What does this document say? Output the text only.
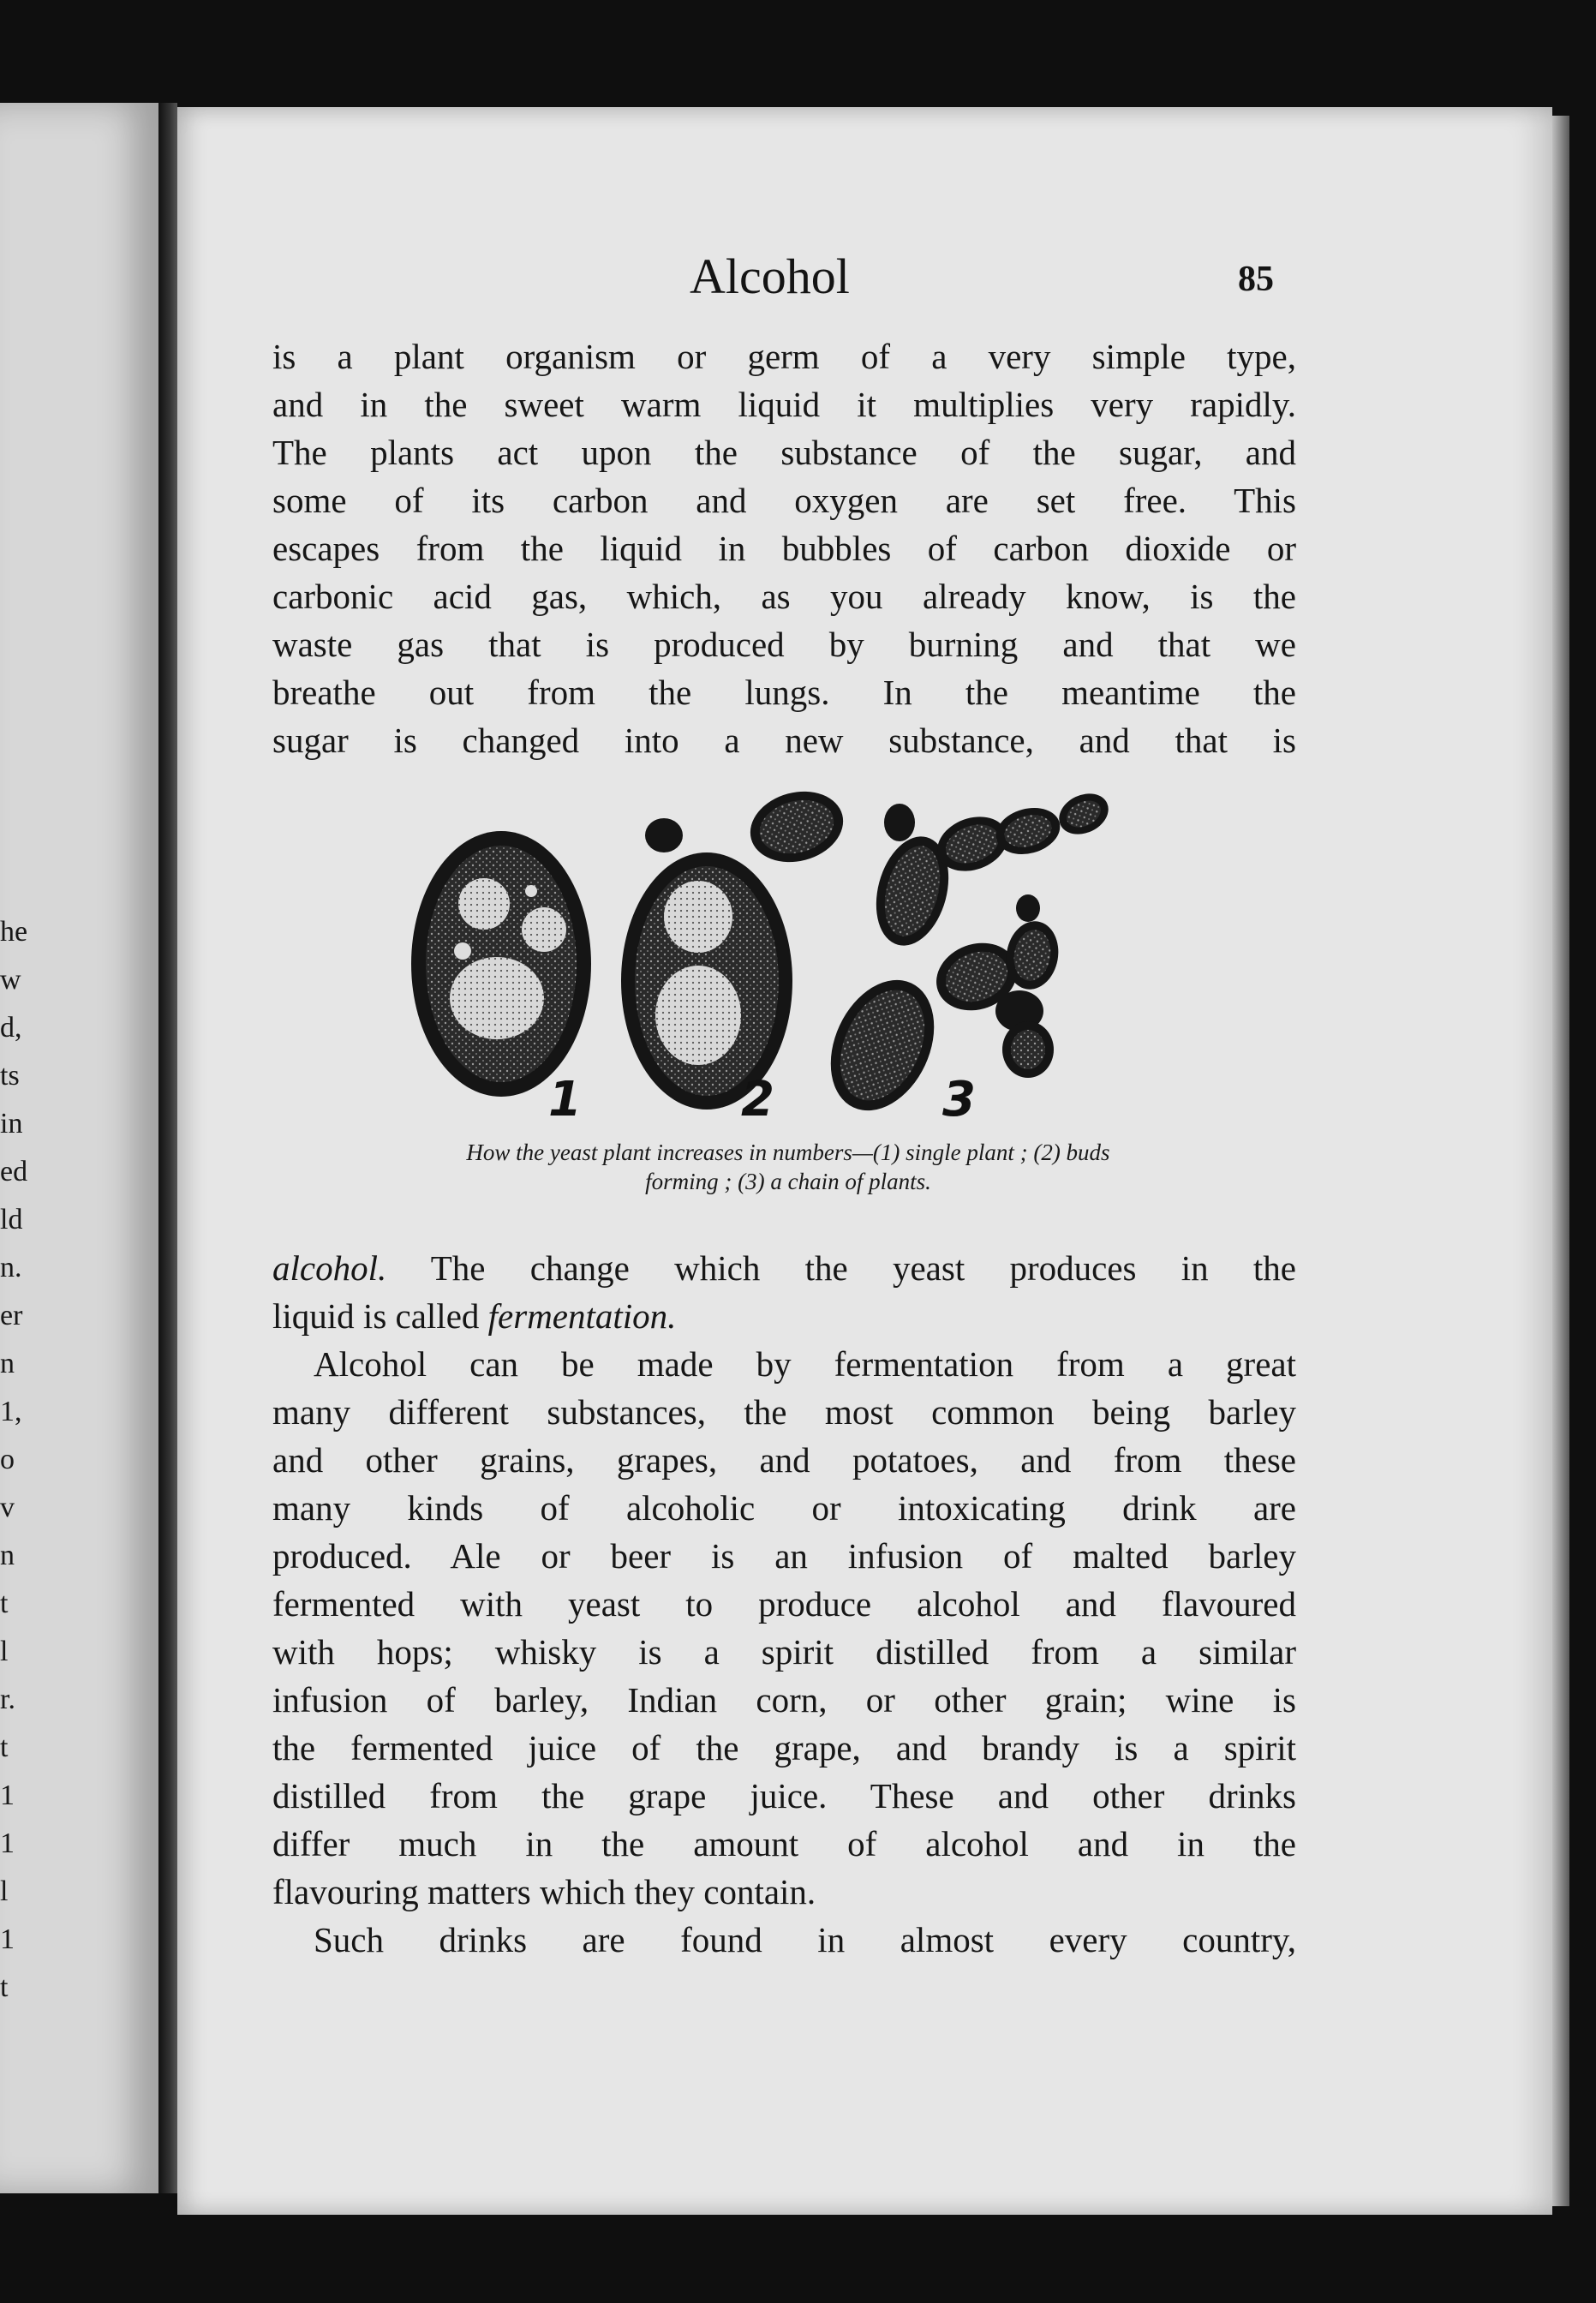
he
w
d,
ts
in
ed
ld
n.
er
n
1,
o
v
n
t
l
r.
t
1
1
l
1
t
Alcohol	85
is a plant organism or germ of a very simple type,
and in the sweet warm liquid it multiplies very rapidly.
The plants act upon the substance of the sugar, and
some of its carbon and oxygen are set free. This
escapes from the liquid in bubbles of carbon dioxide or
carbonic acid gas, which, as you already know, is the
waste gas that is produced by burning and that we
breathe out from the lungs. In the meantime the
sugar is changed into a new substance, and that is
1	2	3
How the yeast plant increases in numbers—(1) single plant ; (2) buds
forming ; (3) a chain of plants.
alcohol. The change which the yeast produces in the
liquid is called fermentation.
Alcohol can be made by fermentation from a great
many different substances, the most common being barley
and other grains, grapes, and potatoes, and from these
many kinds of alcoholic or intoxicating drink are
produced. Ale or beer is an infusion of malted barley
fermented with yeast to produce alcohol and flavoured
with hops; whisky is a spirit distilled from a similar
infusion of barley, Indian corn, or other grain; wine is
the fermented juice of the grape, and brandy is a spirit
distilled from the grape juice. These and other drinks
differ much in the amount of alcohol and in the
flavouring matters which they contain.
Such drinks are found in almost every country,
